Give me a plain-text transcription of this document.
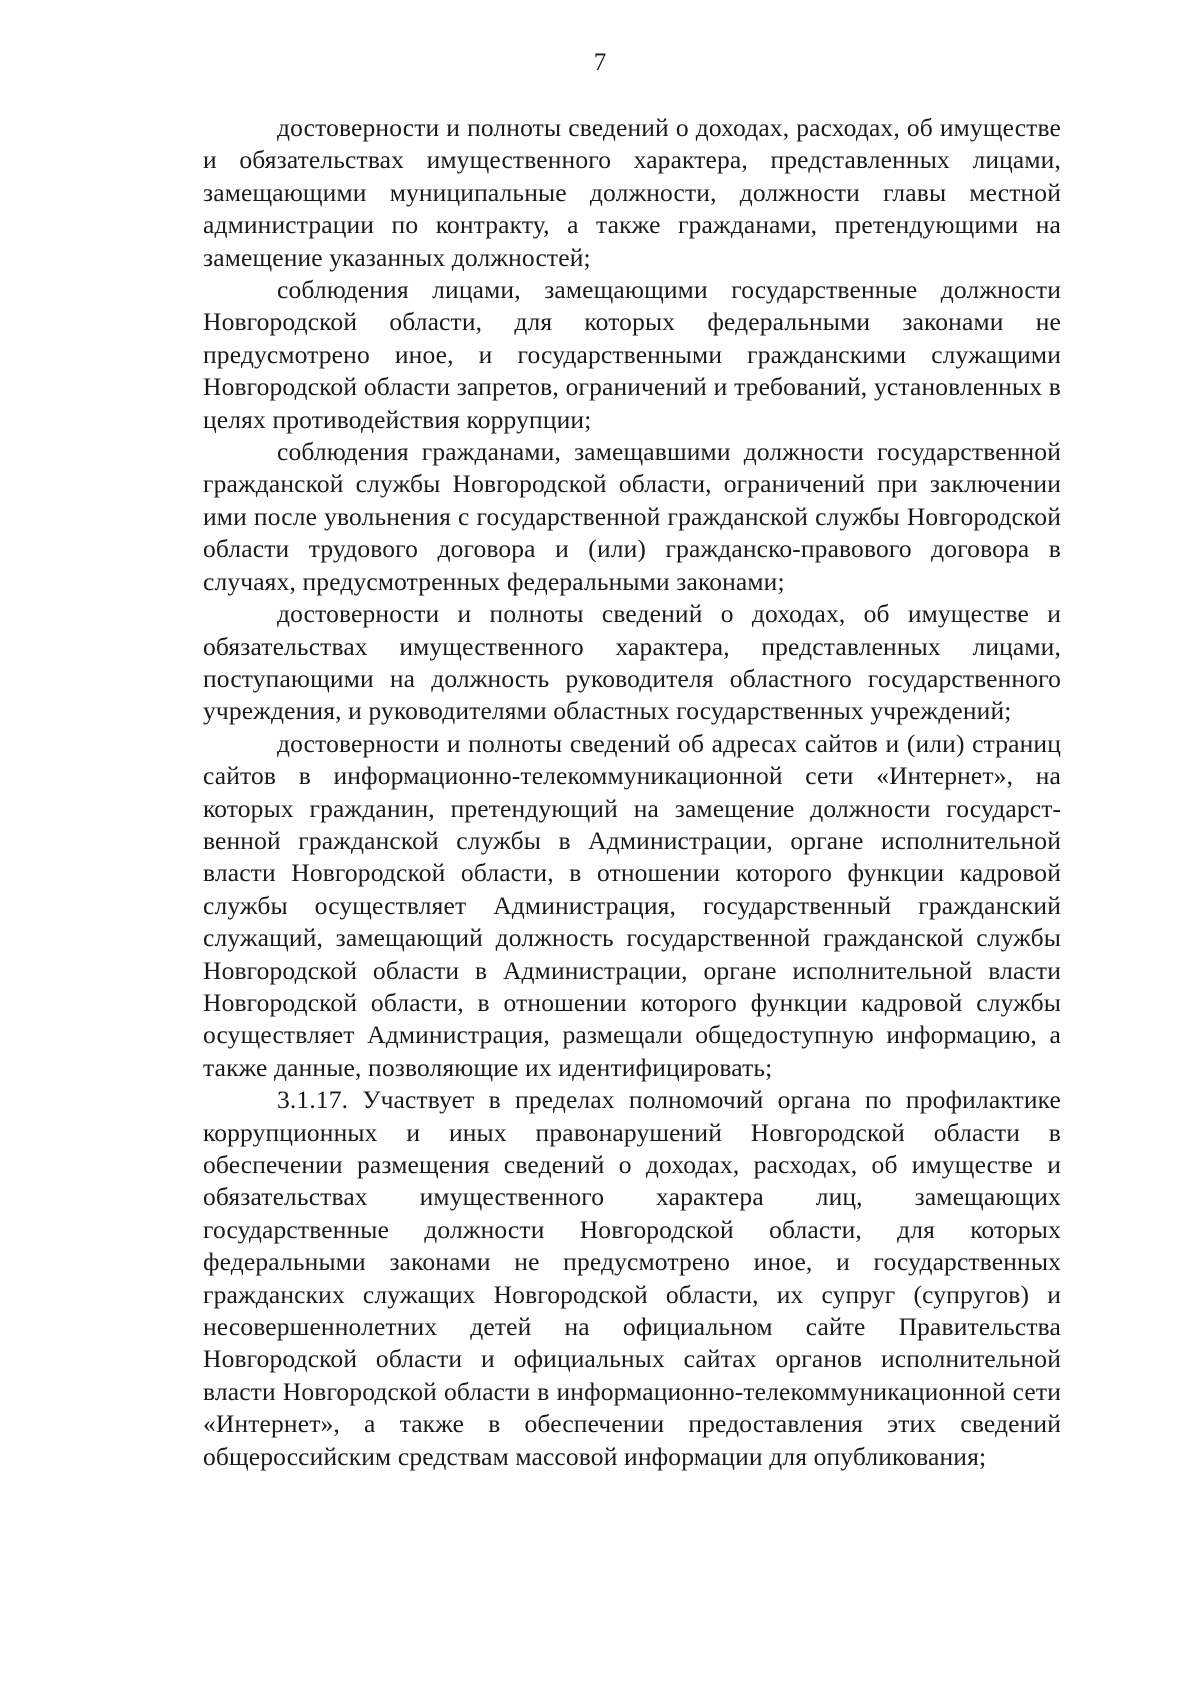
7

достоверности и полноты сведений о доходах, расходах, об имуществе и обязательствах имущественного характера, представленных лицами, замещающими муниципальные должности, должности главы местной администрации по контракту, а также гражданами, претендующими на замещение указанных должностей;

соблюдения лицами, замещающими государственные должности Новгородской области, для которых федеральными законами не предусмотрено иное, и государственными гражданскими служащими Новгородской области запретов, ограничений и требований, установленных в целях противодействия коррупции;

соблюдения гражданами, замещавшими должности государственной гражданской службы Новгородской области, ограничений при заключении ими после увольнения с государственной гражданской службы Новгородской области трудового договора и (или) гражданско-правового договора в случаях, предусмотренных федеральными законами;

достоверности и полноты сведений о доходах, об имуществе и обязательствах имущественного характера, представленных лицами, поступающими на должность руководителя областного государственного учреждения, и руководителями областных государственных учреждений;

достоверности и полноты сведений об адресах сайтов и (или) страниц сайтов в информационно-телекоммуникационной сети «Интернет», на которых гражданин, претендующий на замещение должности государственной гражданской службы в Администрации, органе исполнительной власти Новгородской области, в отношении которого функции кадровой службы осуществляет Администрация, государственный гражданский служащий, замещающий должность государственной гражданской службы Новгородской области в Администрации, органе исполнительной власти Новгородской области, в отношении которого функции кадровой службы осуществляет Администрация, размещали общедоступную информацию, а также данные, позволяющие их идентифицировать;

3.1.17. Участвует в пределах полномочий органа по профилактике коррупционных и иных правонарушений Новгородской области в обеспечении размещения сведений о доходах, расходах, об имуществе и обязательствах имущественного характера лиц, замещающих государственные должности Новгородской области, для которых федеральными законами не предусмотрено иное, и государственных гражданских служащих Новгородской области, их супруг (супругов) и несовершеннолетних детей на официальном сайте Правительства Новгородской области и официальных сайтах органов исполнительной власти Новгородской области в информационно-телекоммуникационной сети «Интернет», а также в обеспечении предоставления этих сведений общероссийским средствам массовой информации для опубликования;
